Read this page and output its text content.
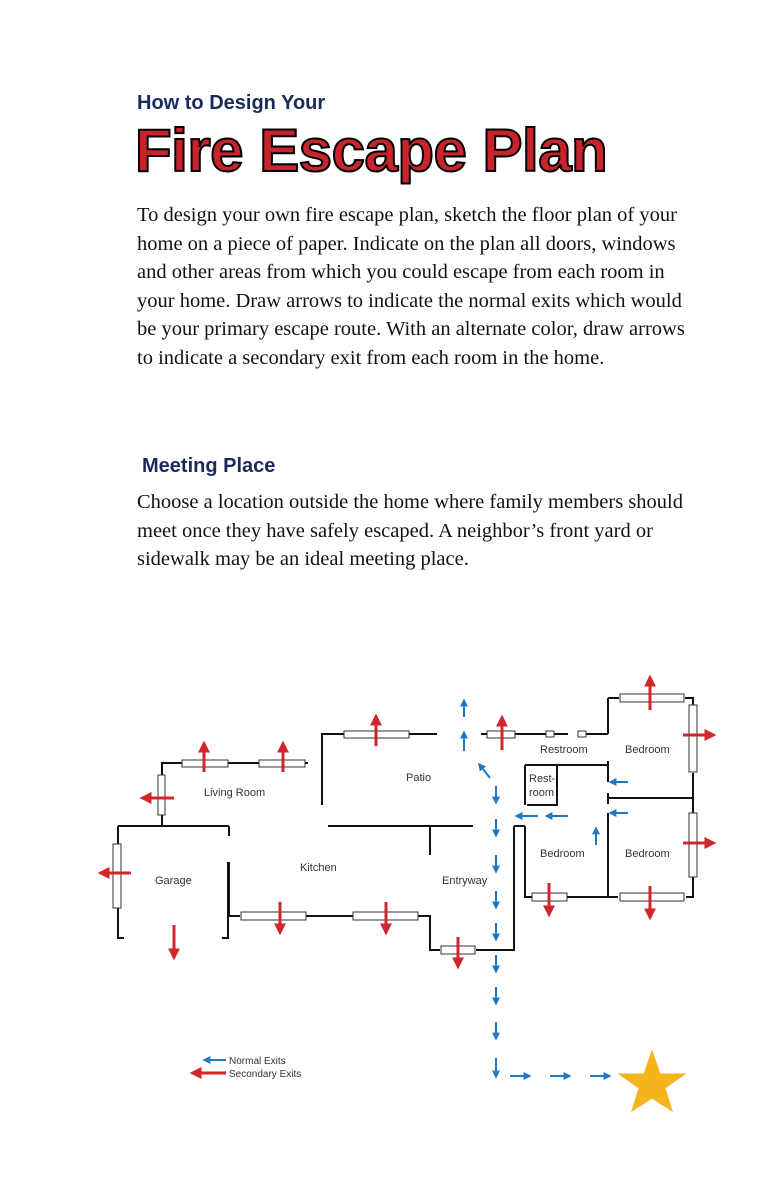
How to Design Your
Fire Escape Plan

To design your own fire escape plan, sketch the floor plan of your home on a piece of paper. Indicate on the plan all doors, windows and other areas from which you could escape from each room in your home. Draw arrows to indicate the normal exits which would be your primary escape route. With an alternate color, draw arrows to indicate a secondary exit from each room in the home.

Meeting Place

Choose a location outside the home where family members should meet once they have safely escaped. A neighbor’s front yard or sidewalk may be an ideal meeting place.

Living Room
Patio
Garage
Kitchen
Entryway
Restroom	Bedroom
Rest-
room
Bedroom	Bedroom
Normal Exits
Secondary Exits
